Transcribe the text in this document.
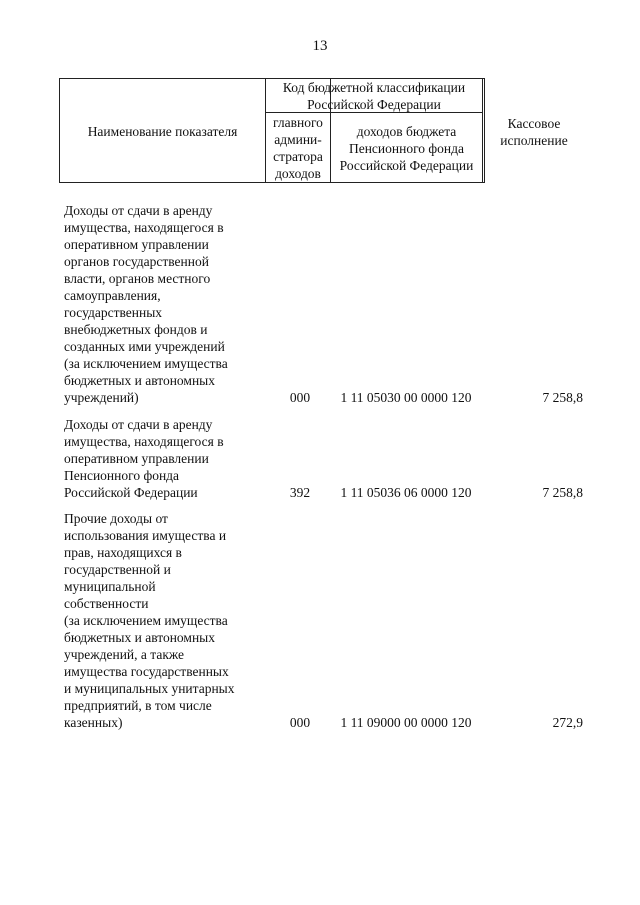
13
Наименование показателя
Код бюджетной классификации Российской Федерации
главного админи-стратора доходов
доходов бюджета Пенсионного фонда Российской Федерации
Кассовое исполнение
Доходы от сдачи в аренду
имущества, находящегося в
оперативном управлении
органов государственной
власти, органов местного
самоуправления,
государственных
внебюджетных фондов и
созданных ими учреждений
(за исключением имущества
бюджетных и автономных
учреждений)	000	1 11 05030 00 0000 120	7 258,8
Доходы от сдачи в аренду
имущества, находящегося в
оперативном управлении
Пенсионного фонда
Российской Федерации	392	1 11 05036 06 0000 120	7 258,8
Прочие доходы от
использования имущества и
прав, находящихся в
государственной и
муниципальной
собственности
(за исключением имущества
бюджетных и автономных
учреждений, а также
имущества государственных
и муниципальных унитарных
предприятий, в том числе
казенных)	000	1 11 09000 00 0000 120	272,9
